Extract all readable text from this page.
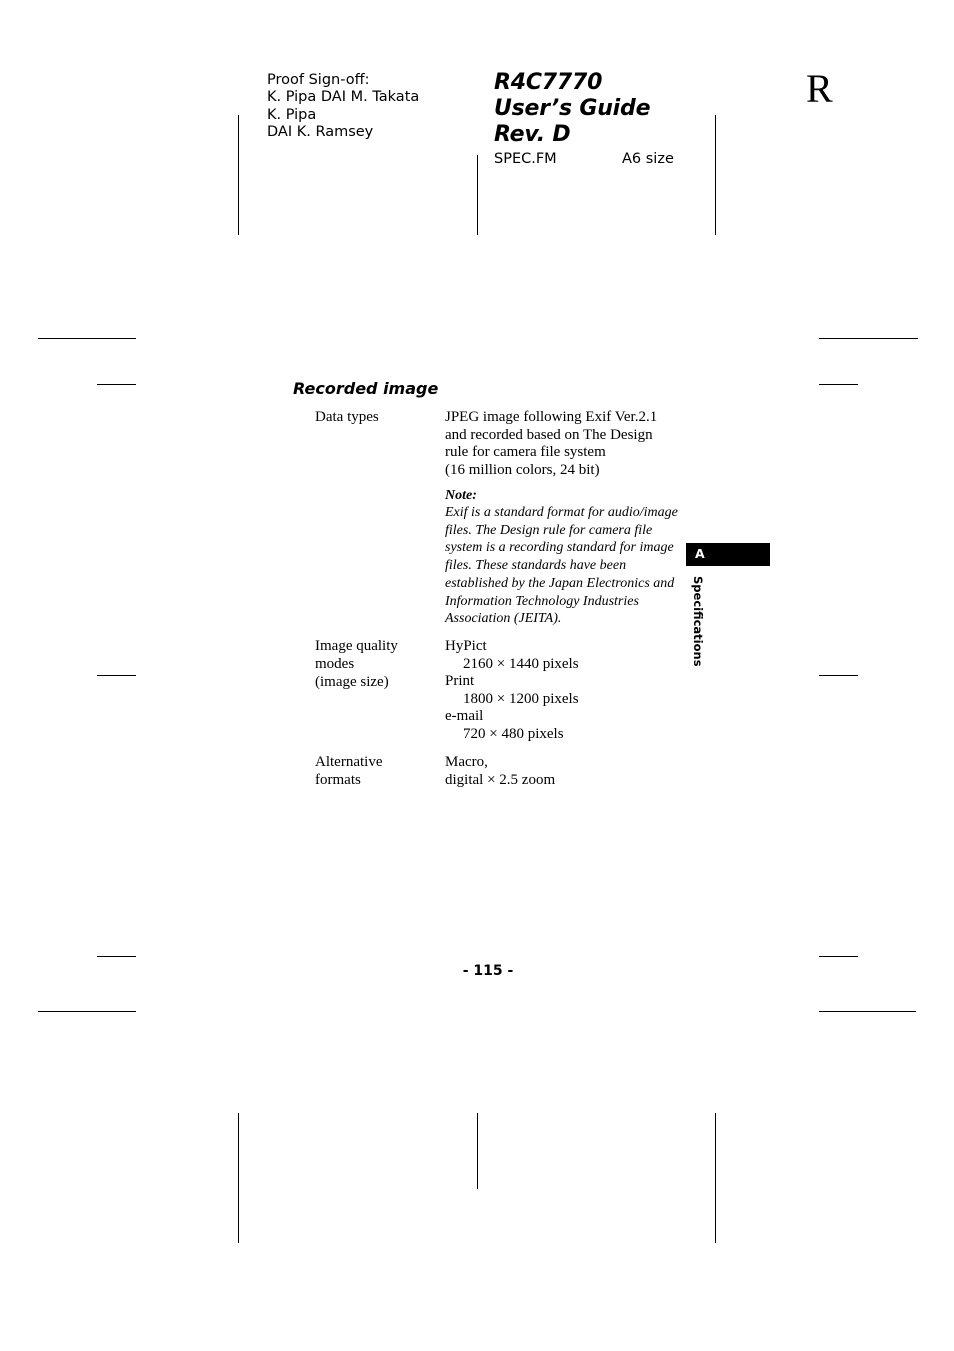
Proof Sign-off:
K. Pipa DAI M. Takata
K. Pipa
DAI K. Ramsey
R4C7770
User’s Guide
Rev. D
SPEC.FM	A6 size
R
Recorded image
Data types	JPEG image following Exif Ver.2.1
and recorded based on The Design
rule for camera file system
(16 million colors, 24 bit)
Note:
Exif is a standard format for audio/image
files. The Design rule for camera file
system is a recording standard for image
files. These standards have been
established by the Japan Electronics and
Information Technology Industries
Association (JEITA).
Image quality
modes
(image size)
HyPict
2160 × 1440 pixels
Print
1800 × 1200 pixels
e-mail
720 × 480 pixels
Alternative
formats
Macro,
digital × 2.5 zoom
A
Specifications
- 115 -
